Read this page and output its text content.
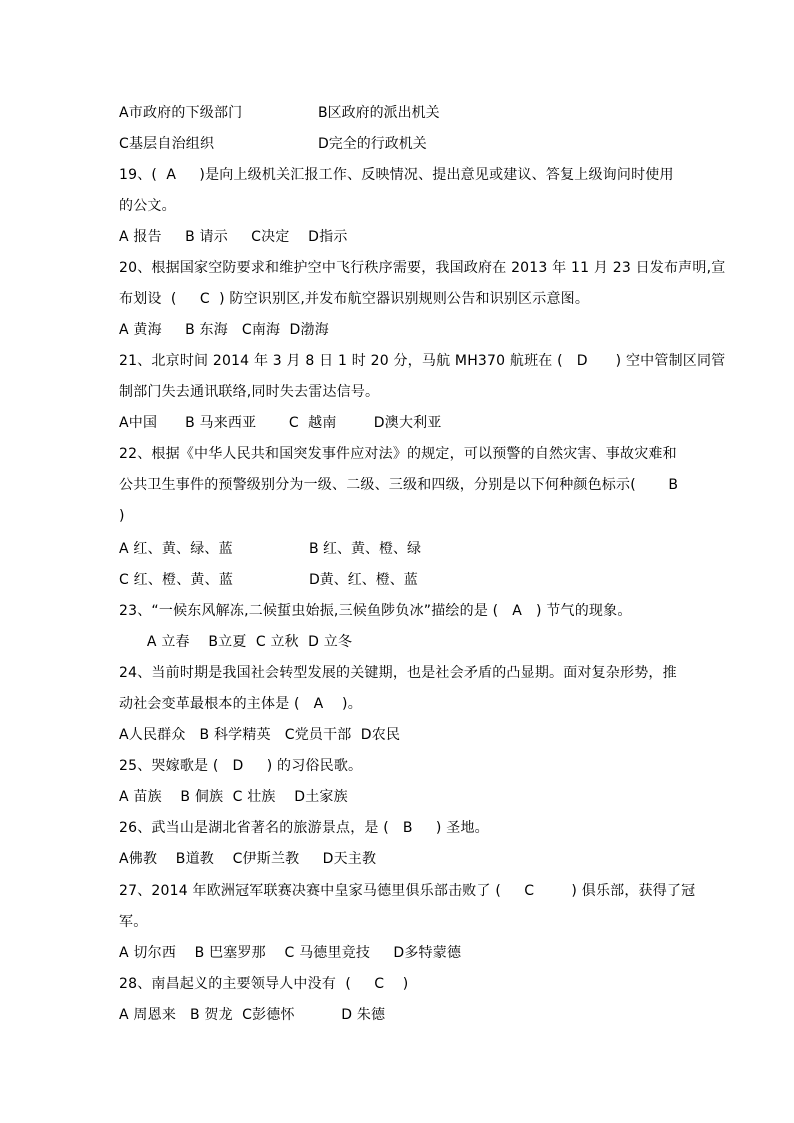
A市政府的下级部门	B区政府的派出机关
C基层自治组织	D完全的行政机关
19、(  A     )是向上级机关汇报工作、反映情况、提出意见或建议、答复上级询问时使用
的公文。
A 报告     B 请示     C决定    D指示
20、根据国家空防要求和维护空中飞行秩序需要，我国政府在 2013 年 11 月 23 日发布声明,宣
布划设  (     C  ) 防空识别区,并发布航空器识别规则公告和识别区示意图。
A 黄海     B 东海   C南海  D渤海
21、北京时间 2014 年 3 月 8 日 1 时 20 分，马航 MH370 航班在 (   D      ) 空中管制区同管
制部门失去通讯联络,同时失去雷达信号。
A中国      B 马来西亚       C  越南        D澳大利亚
22、根据《中华人民共和国突发事件应对法》的规定，可以预警的自然灾害、事故灾难和
公共卫生事件的预警级别分为一级、二级、三级和四级，分别是以下何种颜色标示(       B
)
A 红、黄、绿、蓝	B 红、黄、橙、绿
C 红、橙、黄、蓝	D黄、红、橙、蓝
23、“一候东风解冻,二候蜇虫始振,三候鱼陟负冰”描绘的是 (   A   ) 节气的现象。
A 立春    B立夏  C 立秋  D 立冬
24、当前时期是我国社会转型发展的关键期，也是社会矛盾的凸显期。面对复杂形势，推
动社会变革最根本的主体是 (   A    )。
A人民群众   B 科学精英   C党员干部  D农民
25、哭嫁歌是 (   D     ) 的习俗民歌。
A 苗族    B 侗族  C 壮族    D土家族
26、武当山是湖北省著名的旅游景点，是 (   B     ) 圣地。
A佛教    B道教    C伊斯兰教     D天主教
27、2014 年欧洲冠军联赛决赛中皇家马德里俱乐部击败了 (     C        ) 俱乐部，获得了冠
军。
A 切尔西    B 巴塞罗那    C 马德里竞技     D多特蒙德
28、南昌起义的主要领导人中没有  (     C    )
A 周恩来   B 贺龙  C彭德怀          D 朱德
